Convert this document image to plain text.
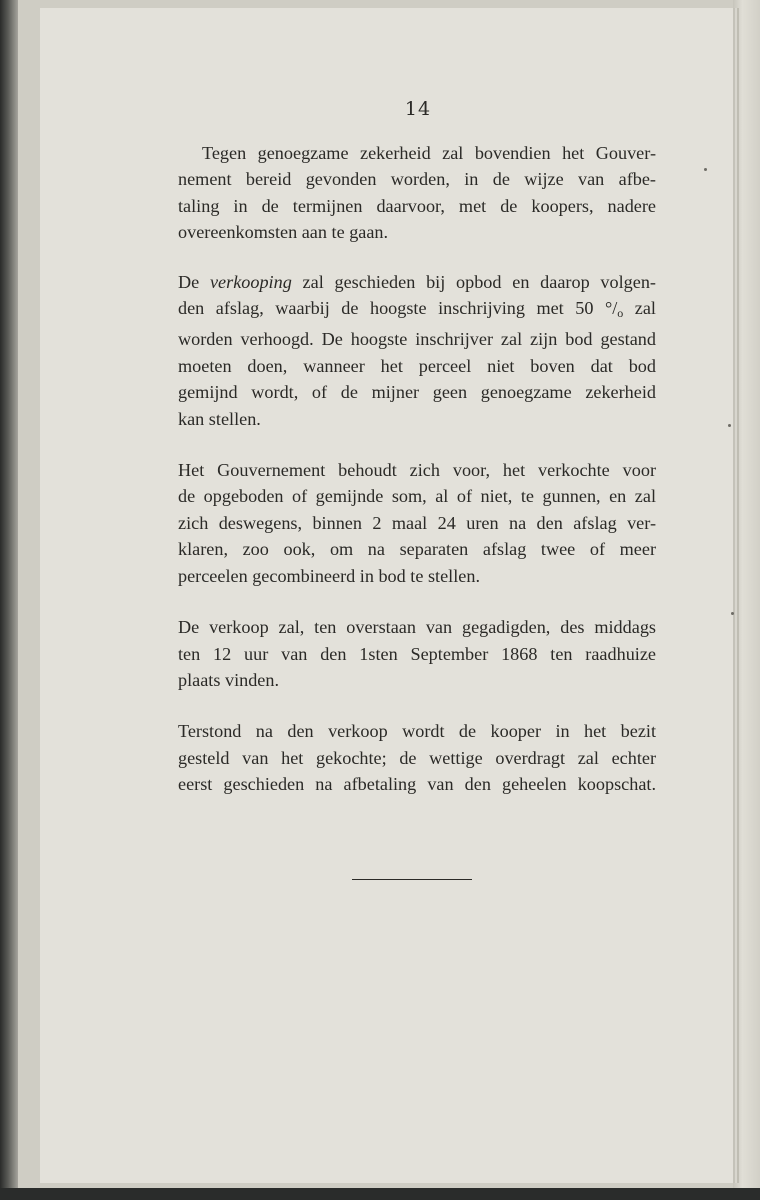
14
Tegen genoegzame zekerheid zal bovendien het Gouver-
nement bereid gevonden worden, in de wijze van afbe-
taling in de termijnen daarvoor, met de koopers, nadere
overeenkomsten aan te gaan.
De verkooping zal geschieden bij opbod en daarop volgen-
den afslag, waarbij de hoogste inschrijving met 50 $^\circ/_o$ zal
worden verhoogd. De hoogste inschrijver zal zijn bod gestand
moeten doen, wanneer het perceel niet boven dat bod
gemijnd wordt, of de mijner geen genoegzame zekerheid
kan stellen.
Het Gouvernement behoudt zich voor, het verkochte voor
de opgeboden of gemijnde som, al of niet, te gunnen, en zal
zich deswegens, binnen 2 maal 24 uren na den afslag ver-
klaren, zoo ook, om na separaten afslag twee of meer
perceelen gecombineerd in bod te stellen.
De verkoop zal, ten overstaan van gegadigden, des middags
ten 12 uur van den 1sten September 1868 ten raadhuize
plaats vinden.
Terstond na den verkoop wordt de kooper in het bezit
gesteld van het gekochte; de wettige overdragt zal echter
eerst geschieden na afbetaling van den geheelen koopschat.
